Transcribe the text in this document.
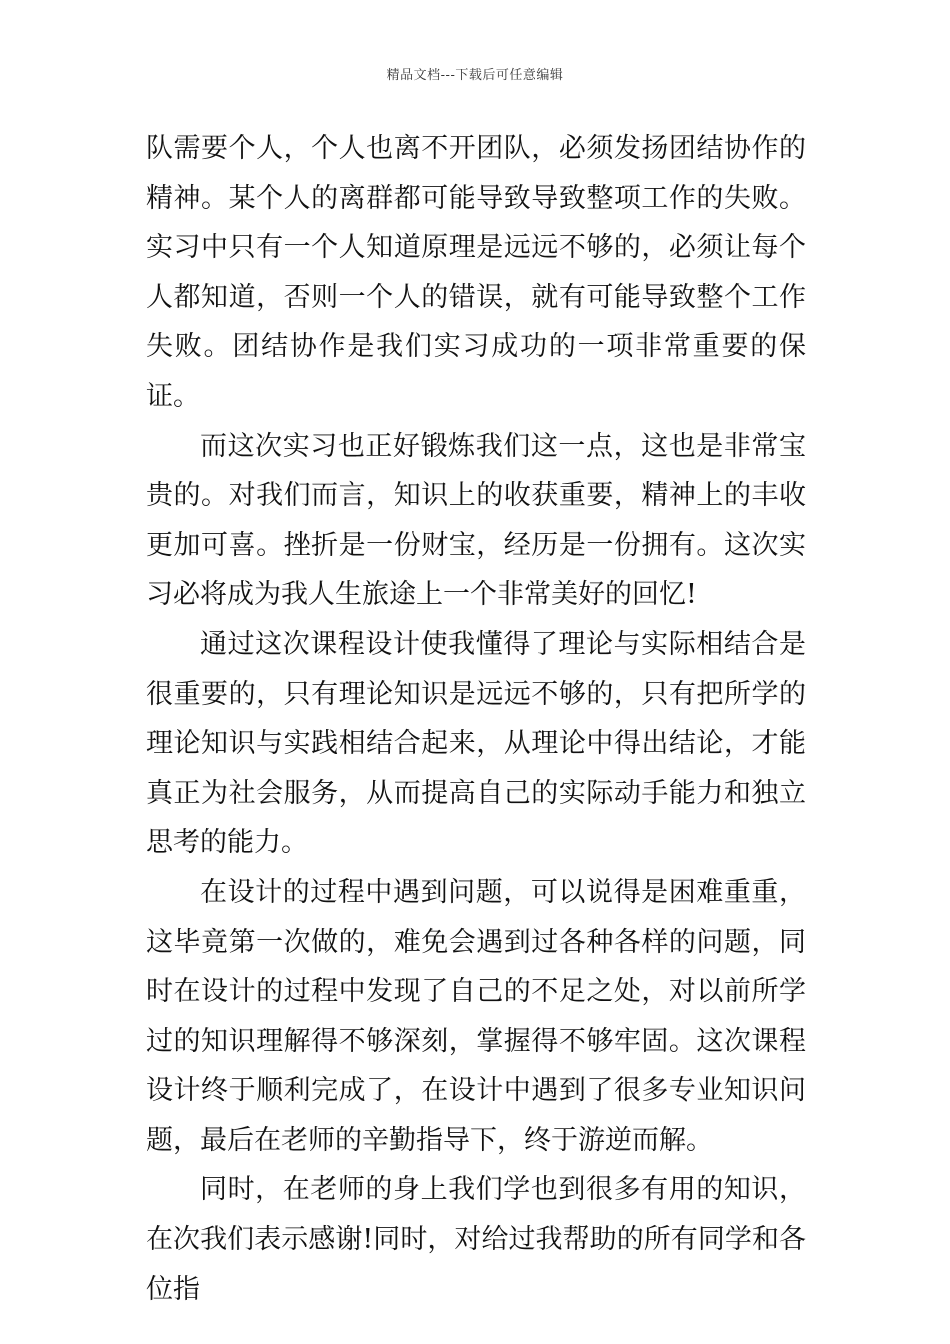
精品文档---下载后可任意编辑

队需要个人，个人也离不开团队，必须发扬团结协作的精神。某个人的离群都可能导致导致整项工作的失败。实习中只有一个人知道原理是远远不够的，必须让每个人都知道，否则一个人的错误，就有可能导致整个工作失败。团结协作是我们实习成功的一项非常重要的保证。

而这次实习也正好锻炼我们这一点，这也是非常宝贵的。对我们而言，知识上的收获重要，精神上的丰收更加可喜。挫折是一份财宝，经历是一份拥有。这次实习必将成为我人生旅途上一个非常美好的回忆!

通过这次课程设计使我懂得了理论与实际相结合是很重要的，只有理论知识是远远不够的，只有把所学的理论知识与实践相结合起来，从理论中得出结论，才能真正为社会服务，从而提高自己的实际动手能力和独立思考的能力。

在设计的过程中遇到问题，可以说得是困难重重，这毕竟第一次做的，难免会遇到过各种各样的问题，同时在设计的过程中发现了自己的不足之处，对以前所学过的知识理解得不够深刻，掌握得不够牢固。这次课程设计终于顺利完成了，在设计中遇到了很多专业知识问题，最后在老师的辛勤指导下，终于游逆而解。

同时，在老师的身上我们学也到很多有用的知识，在次我们表示感谢!同时，对给过我帮助的所有同学和各位指
